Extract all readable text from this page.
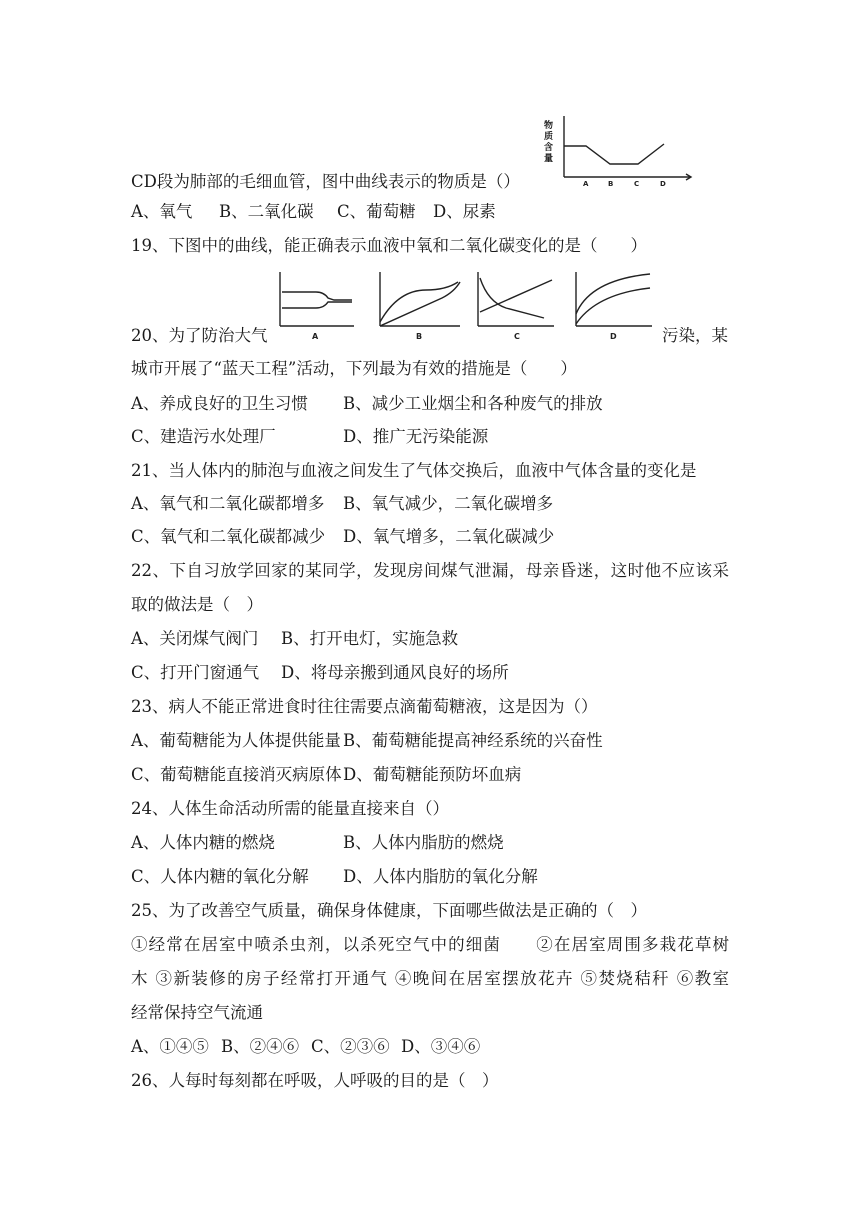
物
质
含
量
A	B	C	D
CD段为肺部的毛细血管，图中曲线表示的物质是（）
A、氧气 B、二氧化碳 C、葡萄糖 D、尿素
19、下图中的曲线，能正确表示血液中氧和二氧化碳变化的是（　　）
A	B	C	D
20、为了防治大气	污染，某
城市开展了“蓝天工程”活动，下列最为有效的措施是（　　）
A、养成良好的卫生习惯 B、减少工业烟尘和各种废气的排放
C、建造污水处理厂	D、推广无污染能源
21、当人体内的肺泡与血液之间发生了气体交换后，血液中气体含量的变化是
A、氧气和二氧化碳都增多 B、氧气减少，二氧化碳增多
C、氧气和二氧化碳都减少 D、氧气增多，二氧化碳减少
22、下自习放学回家的某同学，发现房间煤气泄漏，母亲昏迷，这时他不应该采
取的做法是（　）
A、关闭煤气阀门 B、打开电灯，实施急救
C、打开门窗通气 D、将母亲搬到通风良好的场所
23、病人不能正常进食时往往需要点滴葡萄糖液，这是因为（）
A、葡萄糖能为人体提供能量 B、葡萄糖能提高神经系统的兴奋性
C、葡萄糖能直接消灭病原体D、葡萄糖能预防坏血病
24、人体生命活动所需的能量直接来自（）
A、人体内糖的燃烧	B、人体内脂肪的燃烧
C、人体内糖的氧化分解 D、人体内脂肪的氧化分解
25、为了改善空气质量，确保身体健康，下面哪些做法是正确的（　）
①经常在居室中喷杀虫剂，以杀死空气中的细菌　　②在居室周围多栽花草树
木 ③新装修的房子经常打开通气 ④晚间在居室摆放花卉 ⑤焚烧秸秆 ⑥教室
经常保持空气流通
A、①④⑤ B、②④⑥ C、②③⑥ D、③④⑥
26、人每时每刻都在呼吸，人呼吸的目的是（　）
